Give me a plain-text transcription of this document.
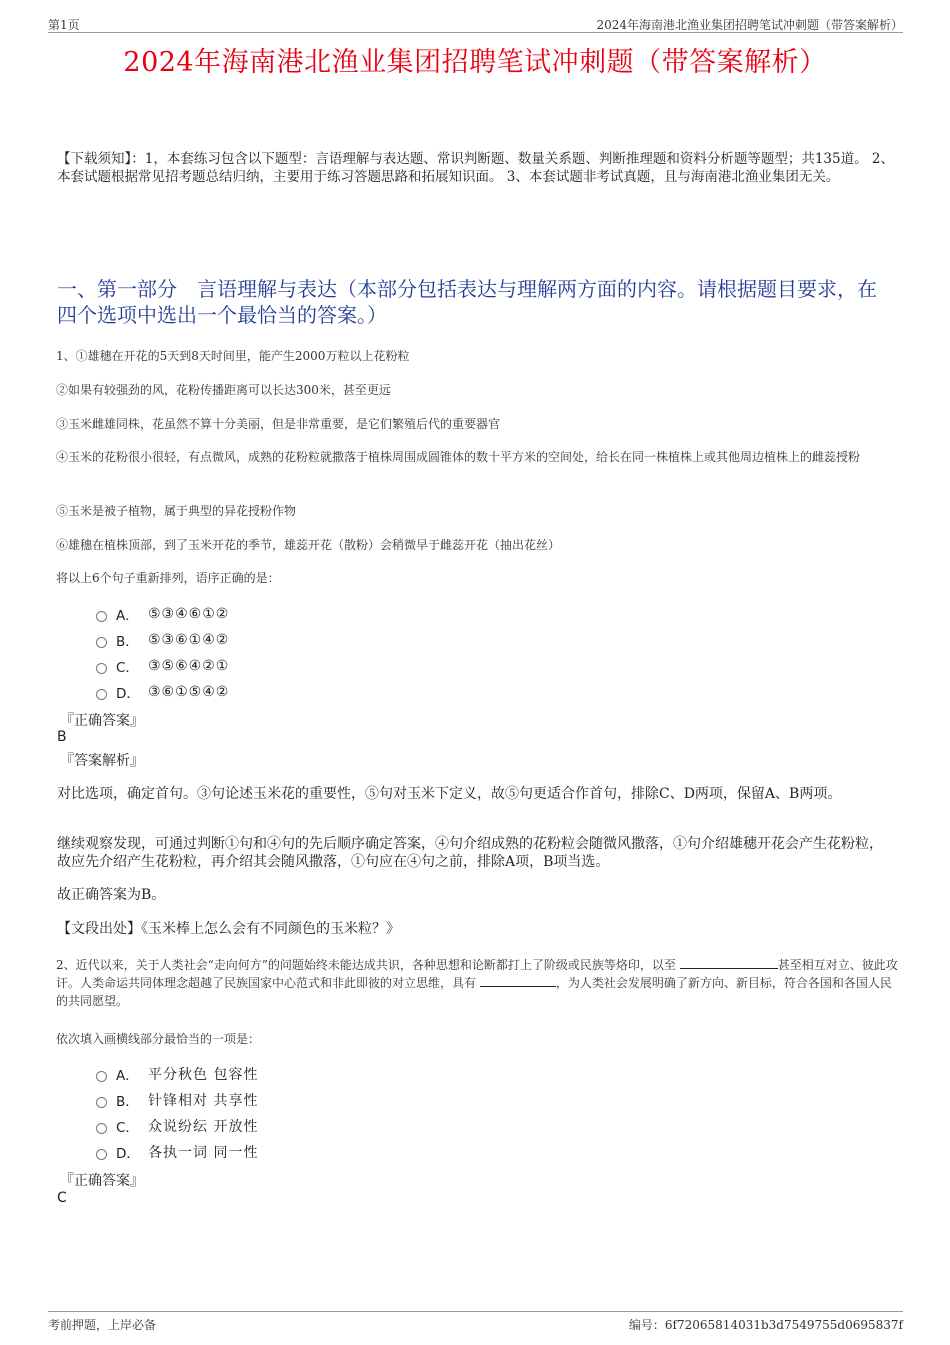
第1页	2024年海南港北渔业集团招聘笔试冲刺题（带答案解析）
2024年海南港北渔业集团招聘笔试冲刺题（带答案解析）
【下载须知】：1，本套练习包含以下题型：言语理解与表达题、常识判断题、数量关系题、判断推理题和资料分析题等题型；共135道。 2、本套试题根据常见招考题总结归纳，主要用于练习答题思路和拓展知识面。 3、本套试题非考试真题，且与海南港北渔业集团无关。
一、第一部分　言语理解与表达（本部分包括表达与理解两方面的内容。请根据题目要求，在四个选项中选出一个最恰当的答案。）
1、①雄穗在开花的5天到8天时间里，能产生2000万粒以上花粉粒
②如果有较强劲的风，花粉传播距离可以长达300米，甚至更远
③玉米雌雄同株，花虽然不算十分美丽，但是非常重要，是它们繁殖后代的重要器官
④玉米的花粉很小很轻，有点微风，成熟的花粉粒就撒落于植株周围成圆锥体的数十平方米的空间处，给长在同一株植株上或其他周边植株上的雌蕊授粉
⑤玉米是被子植物，属于典型的异花授粉作物
⑥雄穗在植株顶部，到了玉米开花的季节，雄蕊开花（散粉）会稍微早于雌蕊开花（抽出花丝）
将以上6个句子重新排列，语序正确的是：
A． ⑤③④⑥①②
B． ⑤③⑥①④②
C． ③⑤⑥④②①
D． ③⑥①⑤④②
『正确答案』
B
『答案解析』
对比选项，确定首句。③句论述玉米花的重要性，⑤句对玉米下定义，故⑤句更适合作首句，排除C、D两项，保留A、B两项。
继续观察发现，可通过判断①句和④句的先后顺序确定答案，④句介绍成熟的花粉粒会随微风撒落，①句介绍雄穗开花会产生花粉粒，故应先介绍产生花粉粒，再介绍其会随风撒落，①句应在④句之前，排除A项，B项当选。
故正确答案为B。
【文段出处】《玉米棒上怎么会有不同颜色的玉米粒？》
2、近代以来，关于人类社会“走向何方”的问题始终未能达成共识，各种思想和论断都打上了阶级或民族等烙印，以至	甚至相互对立、彼此攻讦。人类命运共同体理念超越了民族国家中心范式和非此即彼的对立思维，具有	，为人类社会发展明确了新方向、新目标，符合各国和各国人民的共同愿望。
依次填入画横线部分最恰当的一项是：
A． 平分秋色 包容性
B． 针锋相对 共享性
C． 众说纷纭 开放性
D． 各执一词 同一性
『正确答案』
C
考前押题，上岸必备	编号：6f72065814031b3d7549755d0695837f
